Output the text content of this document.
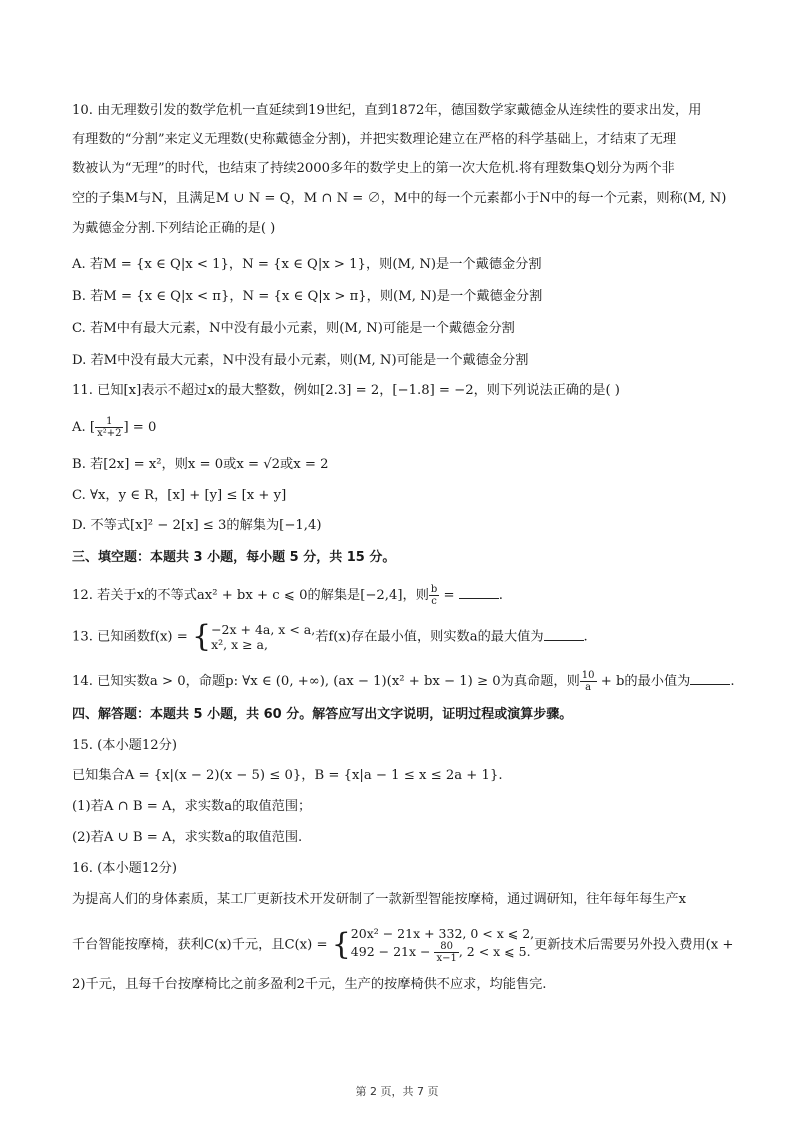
10. 由无理数引发的数学危机一直延续到19世纪，直到1872年，德国数学家戴德金从连续性的要求出发，用
有理数的“分割”来定义无理数(史称戴德金分割)，并把实数理论建立在严格的科学基础上，才结束了无理
数被认为“无理”的时代，也结束了持续2000多年的数学史上的第一次大危机.将有理数集Q划分为两个非
空的子集M与N，且满足M ∪ N = Q，M ∩ N = ∅，M中的每一个元素都小于N中的每一个元素，则称(M, N)
为戴德金分割.下列结论正确的是( )
A. 若M = {x ∈ Q|x < 1}，N = {x ∈ Q|x > 1}，则(M, N)是一个戴德金分割
B. 若M = {x ∈ Q|x < π}，N = {x ∈ Q|x > π}，则(M, N)是一个戴德金分割
C. 若M中有最大元素，N中没有最小元素，则(M, N)可能是一个戴德金分割
D. 若M中没有最大元素，N中没有最小元素，则(M, N)可能是一个戴德金分割
11. 已知[x]表示不超过x的最大整数，例如[2.3] = 2，[−1.8] = −2，则下列说法正确的是( )
A. [ $\frac{1}{\text{x²+2}}$ ] = 0
B. 若[2x] = x²，则x = 0或x = √2或x = 2
C. ∀x，y ∈ R，[x] + [y] ≤ [x + y]
D. 不等式[x]² − 2[x] ≤ 3的解集为[−1,4)
三、填空题：本题共 3 小题，每小题 5 分，共 15 分。
12. 若关于x的不等式ax² + bx + c ⩽ 0的解集是[−2,4]，则 $\frac{b}{c}$ =	.
13. 已知函数f(x) = { −2x + 4a, x < a,
x², x ≥ a,	若f(x)存在最小值，则实数a的最大值为	.
14. 已知实数a > 0，命题p: ∀x ∈ (0, +∞), (ax − 1)(x² + bx − 1) ≥ 0为真命题，则 $\frac{10}{a} + b$的最小值为	.
四、解答题：本题共 5 小题，共 60 分。解答应写出文字说明，证明过程或演算步骤。
15. (本小题12分)
已知集合A = {x|(x − 2)(x − 5) ≤ 0}，B = {x|a − 1 ≤ x ≤ 2a + 1}.
(1)若A ∩ B = A，求实数a的取值范围；
(2)若A ∪ B = A，求实数a的取值范围.
16. (本小题12分)
为提高人们的身体素质，某工厂更新技术开发研制了一款新型智能按摩椅，通过调研知，往年每年每生产x
千台智能按摩椅，获利C(x)千元，且C(x) = { 20x² − 21x + 332, 0 < x ⩽ 2,
$492 - 21x - \frac{80}{x-1}$ , 2 < x ⩽ 5. 更新技术后需要另外投入费用(x +
2)千元，且每千台按摩椅比之前多盈利2千元，生产的按摩椅供不应求，均能售完.
第 2 页，共 7 页
